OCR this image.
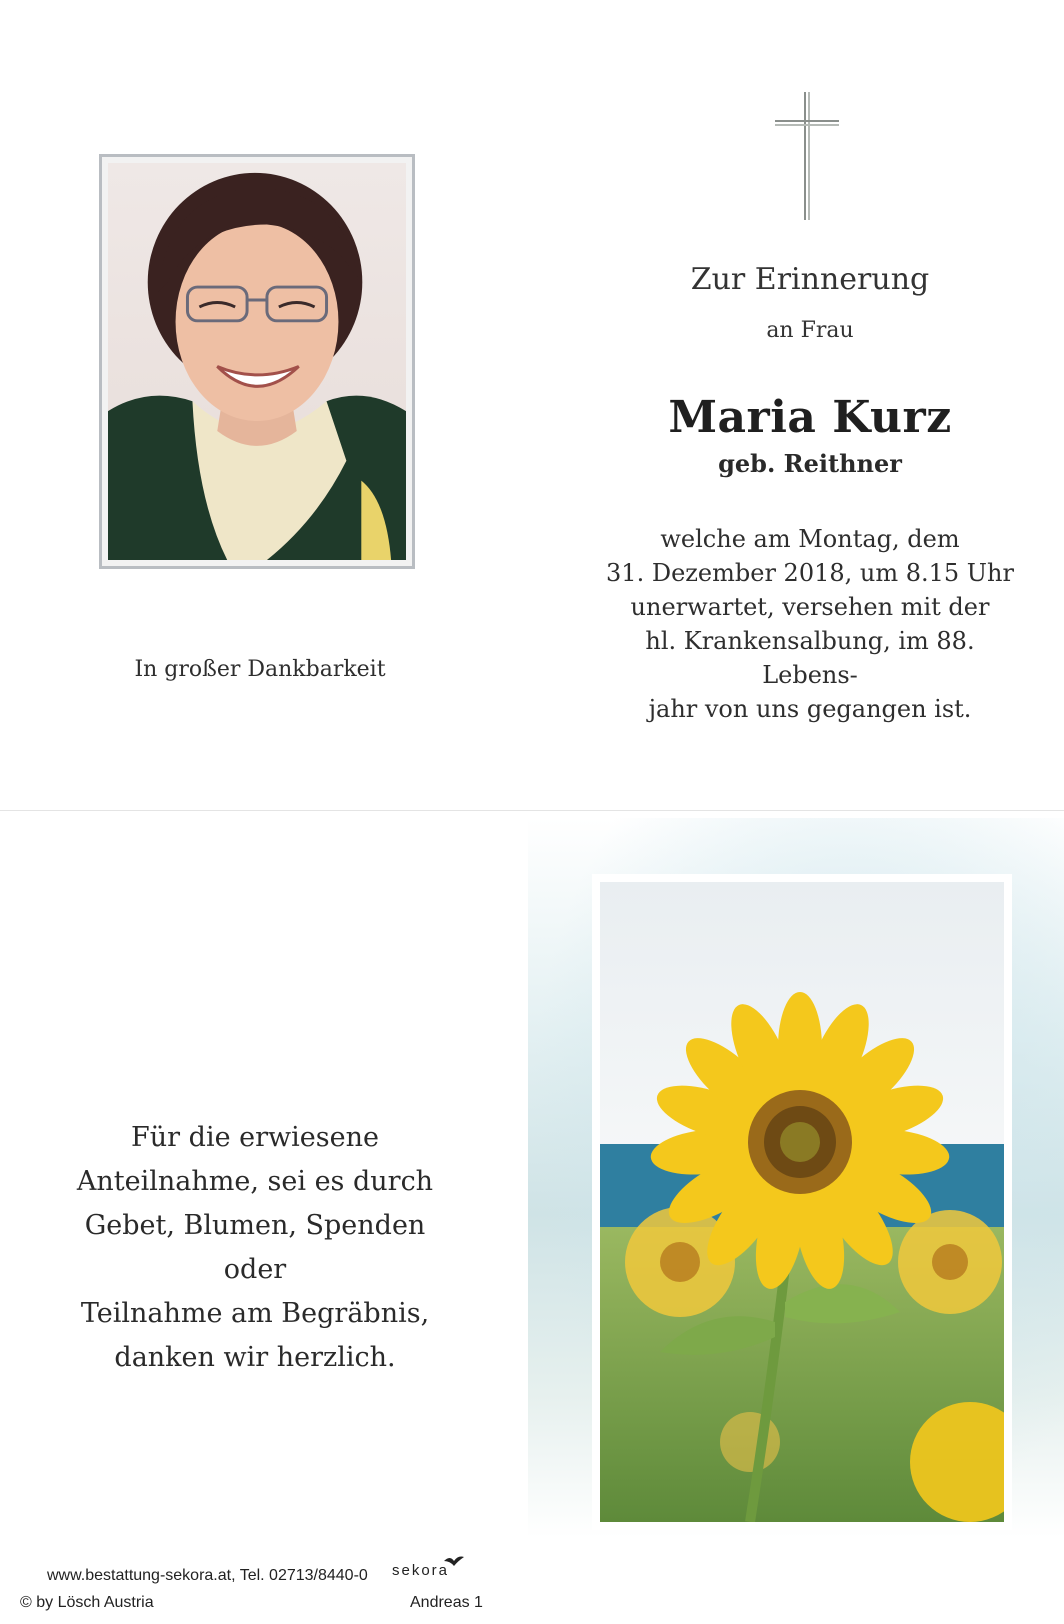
Zur Erinnerung
an Frau
Maria Kurz
geb. Reithner
welche am Montag, dem
31. Dezember 2018, um 8.15 Uhr
unerwartet, versehen mit der
hl. Krankensalbung, im 88. Lebens-
jahr von uns gegangen ist.
In großer Dankbarkeit
Für die erwiesene
Anteilnahme, sei es durch
Gebet, Blumen, Spenden oder
Teilnahme am Begräbnis,
danken wir herzlich.
www.bestattung-sekora.at, Tel. 02713/8440-0 sekora
© by Lösch Austria	Andreas 1
